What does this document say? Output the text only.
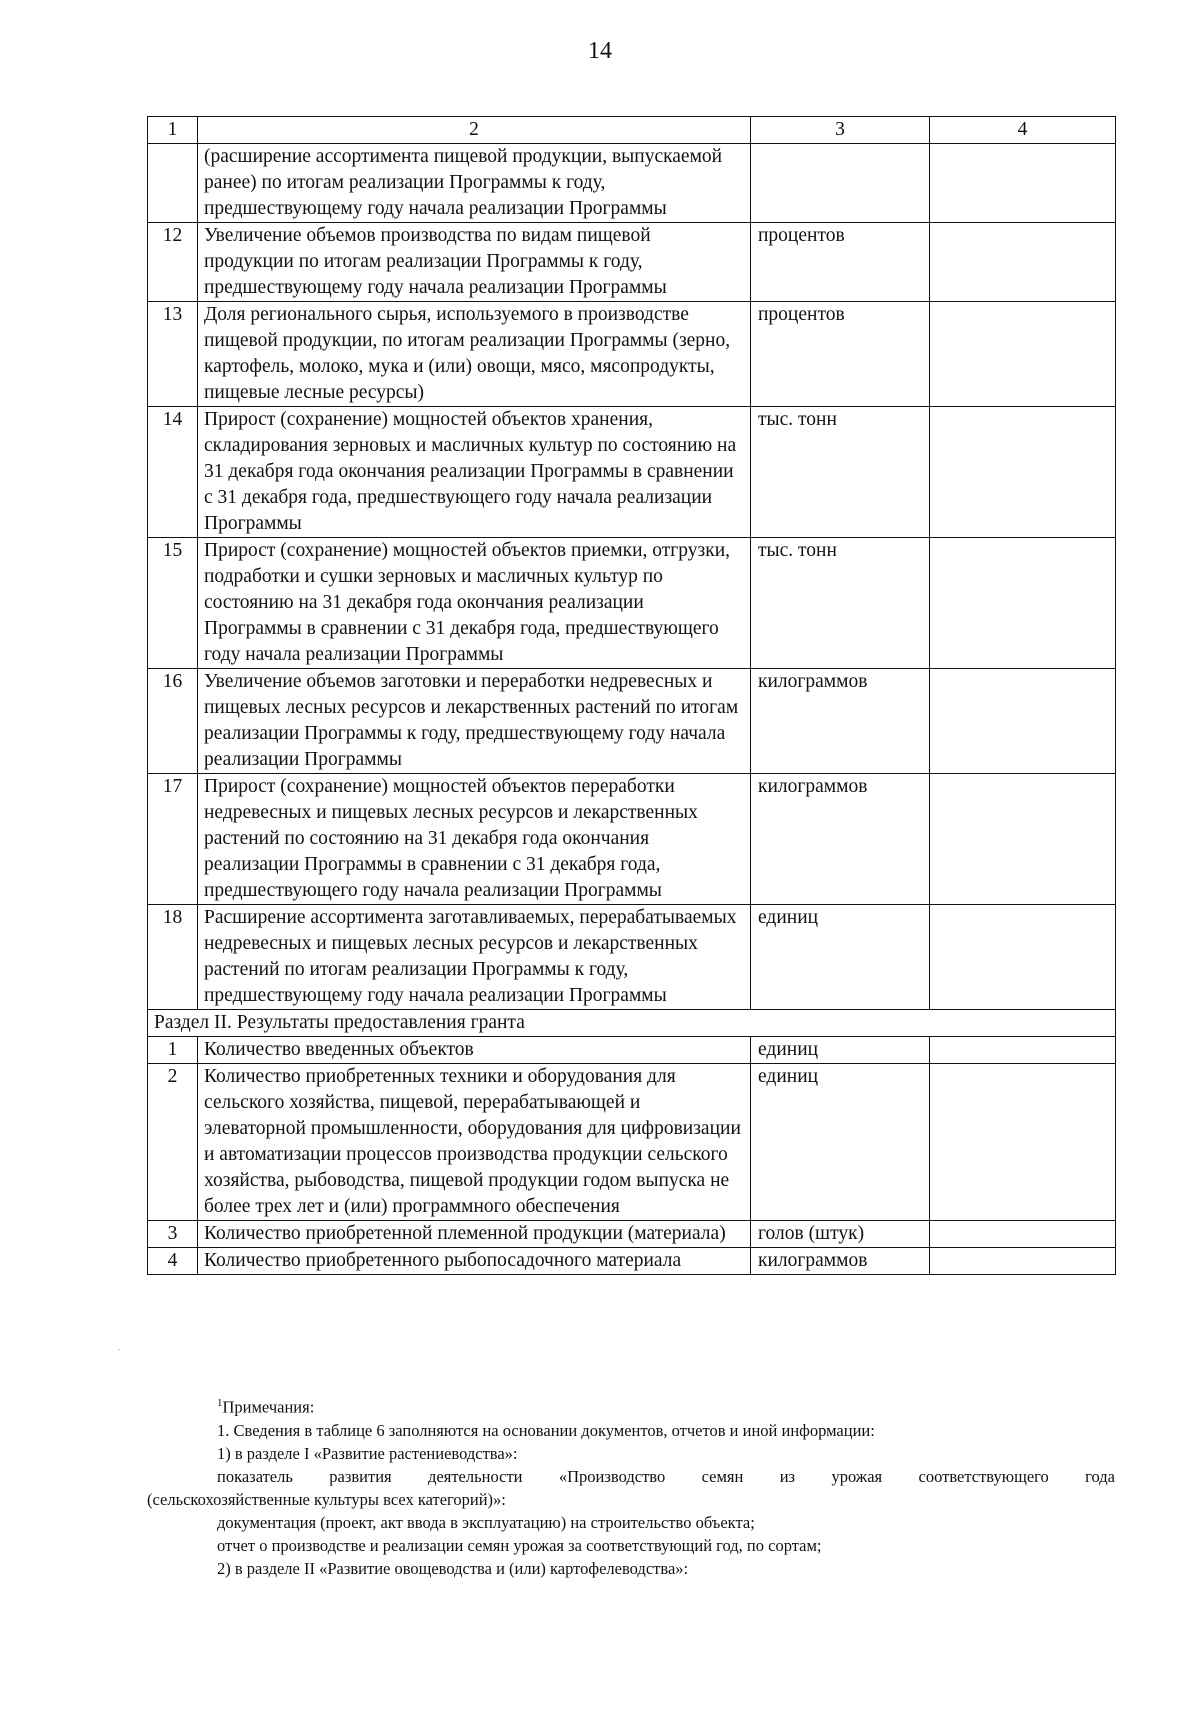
14
1	2	3	4
	(расширение ассортимента пищевой продукции, выпускаемой ранее) по итогам реализации Программы к году, предшествующему году начала реализации Программы		
12	Увеличение объемов производства по видам пищевой продукции по итогам реализации Программы к году, предшествующему году начала реализации Программы	процентов	
13	Доля регионального сырья, используемого в производстве пищевой продукции, по итогам реализации Программы (зерно, картофель, молоко, мука и (или) овощи, мясо, мясопродукты, пищевые лесные ресурсы)	процентов	
14	Прирост (сохранение) мощностей объектов хранения, складирования зерновых и масличных культур по состоянию на 31 декабря года окончания реализации Программы в сравнении с 31 декабря года, предшествующего году начала реализации Программы	тыс. тонн	
15	Прирост (сохранение) мощностей объектов приемки, отгрузки, подработки и сушки зерновых и масличных культур по состоянию на 31 декабря года окончания реализации Программы в сравнении с 31 декабря года, предшествующего году начала реализации Программы	тыс. тонн	
16	Увеличение объемов заготовки и переработки недревесных и пищевых лесных ресурсов и лекарственных растений по итогам реализации Программы к году, предшествующему году начала реализации Программы	килограммов	
17	Прирост (сохранение) мощностей объектов переработки недревесных и пищевых лесных ресурсов и лекарственных растений по состоянию на 31 декабря года окончания реализации Программы в сравнении с 31 декабря года, предшествующего году начала реализации Программы	килограммов	
18	Расширение ассортимента заготавливаемых, перерабатываемых недревесных и пищевых лесных ресурсов и лекарственных растений по итогам реализации Программы к году, предшествующему году начала реализации Программы	единиц	
Раздел II. Результаты предоставления гранта			
1	Количество введенных объектов	единиц	
2	Количество приобретенных техники и оборудования для сельского хозяйства, пищевой, перерабатывающей и элеваторной промышленности, оборудования для цифровизации и автоматизации процессов производства продукции сельского хозяйства, рыбоводства, пищевой продукции годом выпуска не более трех лет и (или) программного обеспечения	единиц	
3	Количество приобретенной племенной продукции (материала)	голов (штук)	
4	Количество приобретенного рыбопосадочного материала	килограммов	

$^1$Примечания:

1. Сведения в таблице 6 заполняются на основании документов, отчетов и иной информации:

1) в разделе I «Развитие растениеводства»:

показатель развития деятельности «Производство семян из урожая соответствующего года

(сельскохозяйственные культуры всех категорий)»:

документация (проект, акт ввода в эксплуатацию) на строительство объекта;

отчет о производстве и реализации семян урожая за соответствующий год, по сортам;

2) в разделе II «Развитие овощеводства и (или) картофелеводства»:
